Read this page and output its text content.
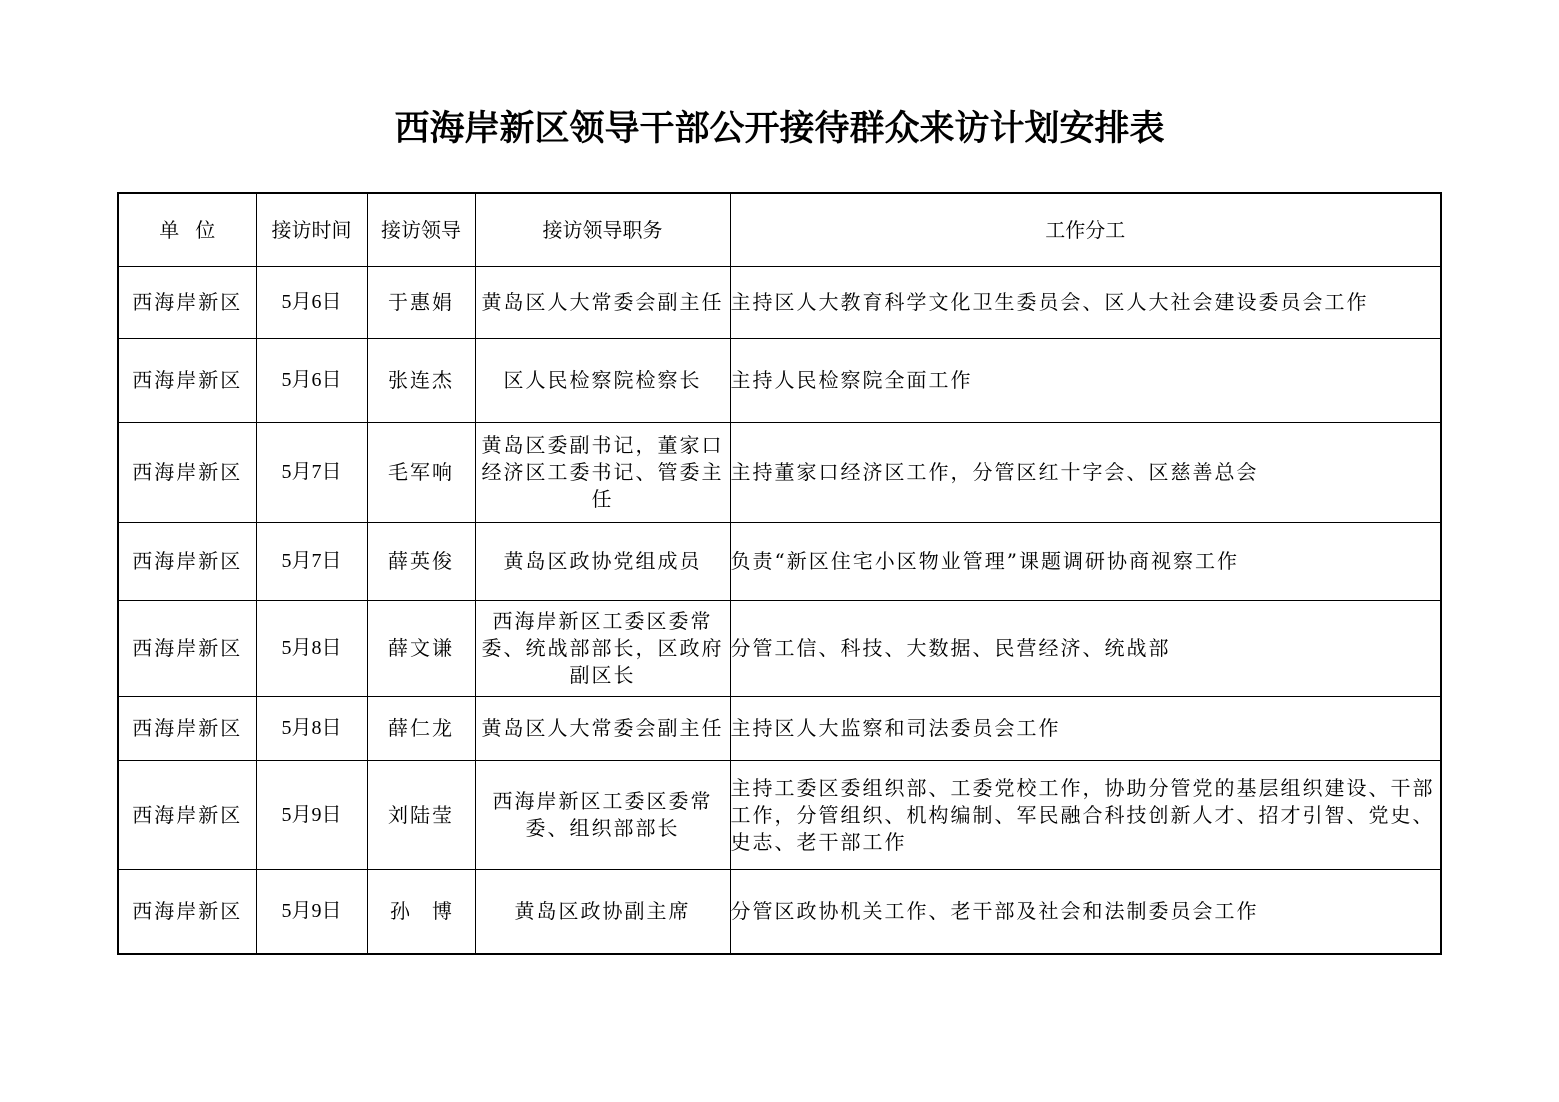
西海岸新区领导干部公开接待群众来访计划安排表
单位	接访时间	接访领导	接访领导职务	工作分工
西海岸新区	5月6日	于惠娟	黄岛区人大常委会副主任	主持区人大教育科学文化卫生委员会、区人大社会建设委员会工作
西海岸新区	5月6日	张连杰	区人民检察院检察长	主持人民检察院全面工作
西海岸新区	5月7日	毛军响	黄岛区委副书记，董家口经济区工委书记、管委主任	主持董家口经济区工作，分管区红十字会、区慈善总会
西海岸新区	5月7日	薛英俊	黄岛区政协党组成员	负责“新区住宅小区物业管理”课题调研协商视察工作
西海岸新区	5月8日	薛文谦	西海岸新区工委区委常委、统战部部长，区政府副区长	分管工信、科技、大数据、民营经济、统战部
西海岸新区	5月8日	薛仁龙	黄岛区人大常委会副主任	主持区人大监察和司法委员会工作
西海岸新区	5月9日	刘陆莹	西海岸新区工委区委常委、组织部部长	主持工委区委组织部、工委党校工作，协助分管党的基层组织建设、干部工作，分管组织、机构编制、军民融合科技创新人才、招才引智、党史、史志、老干部工作
西海岸新区	5月9日	孙博	黄岛区政协副主席	分管区政协机关工作、老干部及社会和法制委员会工作
